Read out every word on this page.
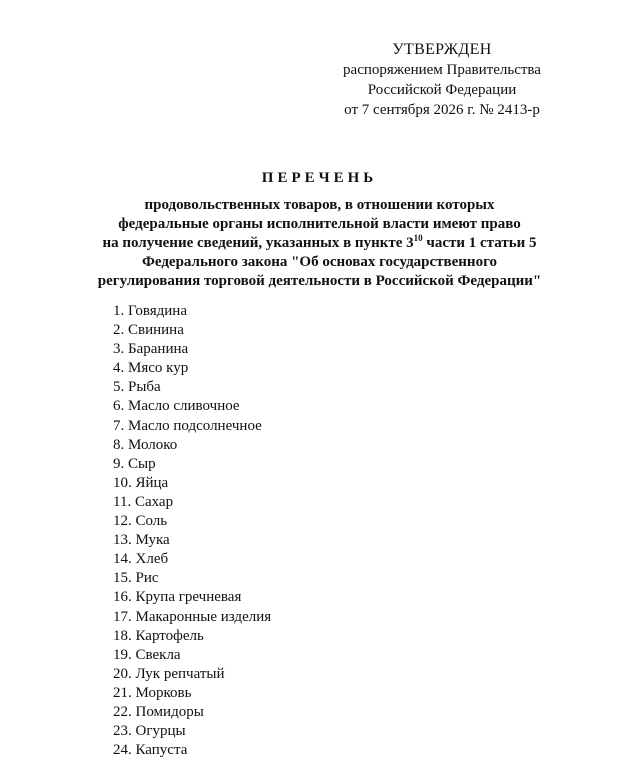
УТВЕРЖДЕН
распоряжением Правительства
Российской Федерации
от 7 сентября 2026 г. № 2413-р
ПЕРЕЧЕНЬ
продовольственных товаров, в отношении которых
федеральные органы исполнительной власти имеют право
на получение сведений, указанных в пункте $3^{10}$ части 1 статьи 5
Федерального закона "Об основах государственного
регулирования торговой деятельности в Российской Федерации"
1. Говядина
2. Свинина
3. Баранина
4. Мясо кур
5. Рыба
6. Масло сливочное
7. Масло подсолнечное
8. Молоко
9. Сыр
10. Яйца
11. Сахар
12. Соль
13. Мука
14. Хлеб
15. Рис
16. Крупа гречневая
17. Макаронные изделия
18. Картофель
19. Свекла
20. Лук репчатый
21. Морковь
22. Помидоры
23. Огурцы
24. Капуста
